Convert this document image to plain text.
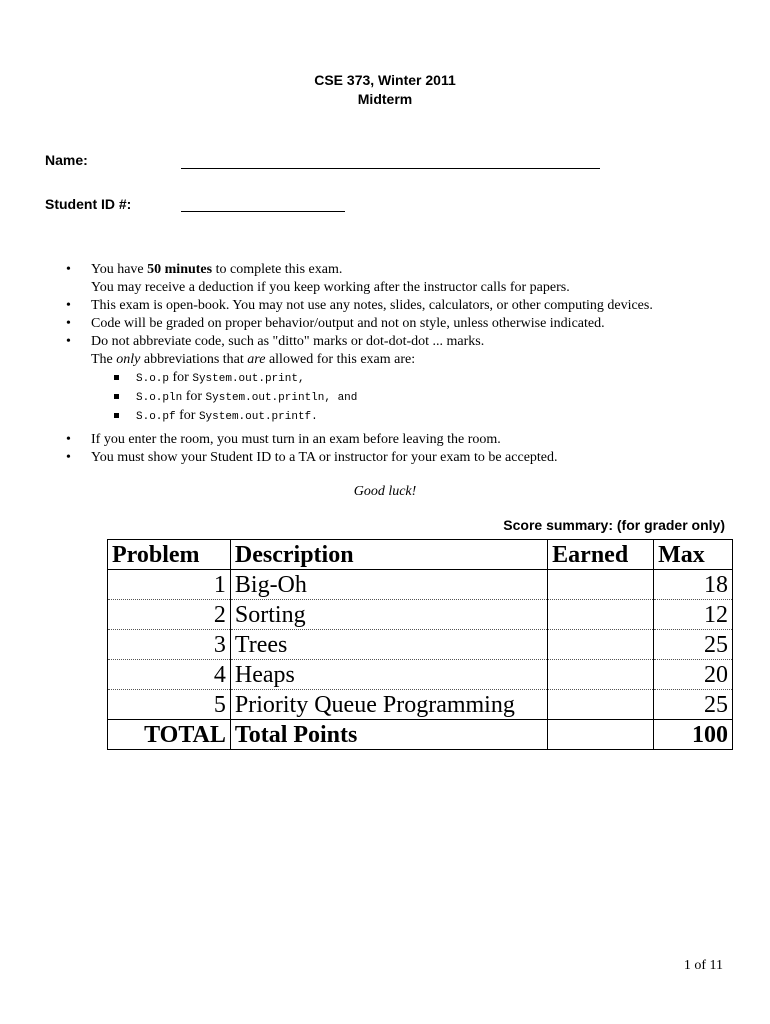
CSE 373, Winter 2011
Midterm
Name:
Student ID #:
• You have 50 minutes to complete this exam.
You may receive a deduction if you keep working after the instructor calls for papers.
• This exam is open-book. You may not use any notes, slides, calculators, or other computing devices.
• Code will be graded on proper behavior/output and not on style, unless otherwise indicated.
• Do not abbreviate code, such as "ditto" marks or dot-dot-dot ... marks.
The only abbreviations that are allowed for this exam are:
S.o.p for System.out.print,
S.o.pln for System.out.println, and
S.o.pf for System.out.printf.
• If you enter the room, you must turn in an exam before leaving the room.
• You must show your Student ID to a TA or instructor for your exam to be accepted.
Good luck!
Score summary: (for grader only)
Problem	Description	Earned	Max
1	Big-Oh		18
2	Sorting		12
3	Trees		25
4	Heaps		20
5	Priority Queue Programming		25
TOTAL	Total Points		100
1 of 11
